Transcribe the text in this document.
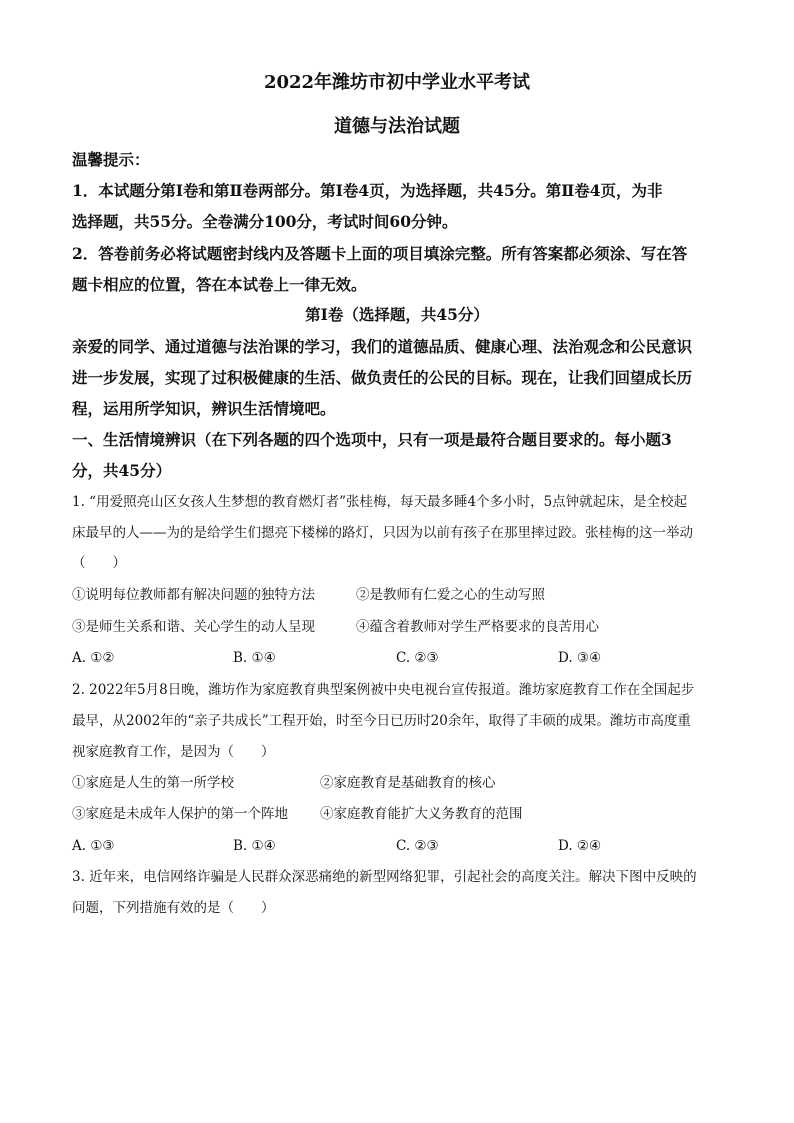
2022年潍坊市初中学业水平考试
道德与法治试题
温馨提示：
1．本试题分第Ⅰ卷和第Ⅱ卷两部分。第Ⅰ卷4页，为选择题，共45分。第Ⅱ卷4页，为非
选择题，共55分。全卷满分100分，考试时间60分钟。
2．答卷前务必将试题密封线内及答题卡上面的项目填涂完整。所有答案都必须涂、写在答
题卡相应的位置，答在本试卷上一律无效。
第Ⅰ卷（选择题，共45分）
亲爱的同学、通过道德与法治课的学习，我们的道德品质、健康心理、法治观念和公民意识
进一步发展，实现了过积极健康的生活、做负责任的公民的目标。现在，让我们回望成长历
程，运用所学知识，辨识生活情境吧。
一、生活情境辨识（在下列各题的四个选项中，只有一项是最符合题目要求的。每小题3
分，共45分）
1. “用爱照亮山区女孩人生梦想的教育燃灯者”张桂梅，每天最多睡4个多小时，5点钟就起床，是全校起
床最早的人——为的是给学生们摁亮下楼梯的路灯，只因为以前有孩子在那里摔过跤。张桂梅的这一举动
（　　）
①说明每位教师都有解决问题的独特方法	②是教师有仁爱之心的生动写照
③是师生关系和谐、关心学生的动人呈现	④蕴含着教师对学生严格要求的良苦用心
A. ①②	B. ①④	C. ②③	D. ③④
2. 2022年5月8日晚，潍坊作为家庭教育典型案例被中央电视台宣传报道。潍坊家庭教育工作在全国起步
最早，从2002年的“亲子共成长”工程开始，时至今日已历时20余年，取得了丰硕的成果。潍坊市高度重
视家庭教育工作，是因为（　　）
①家庭是人生的第一所学校	②家庭教育是基础教育的核心
③家庭是未成年人保护的第一个阵地 ④家庭教育能扩大义务教育的范围
A. ①③	B. ①④	C. ②③	D. ②④
3. 近年来，电信网络诈骗是人民群众深恶痛绝的新型网络犯罪，引起社会的高度关注。解决下图中反映的
问题，下列措施有效的是（　　）
